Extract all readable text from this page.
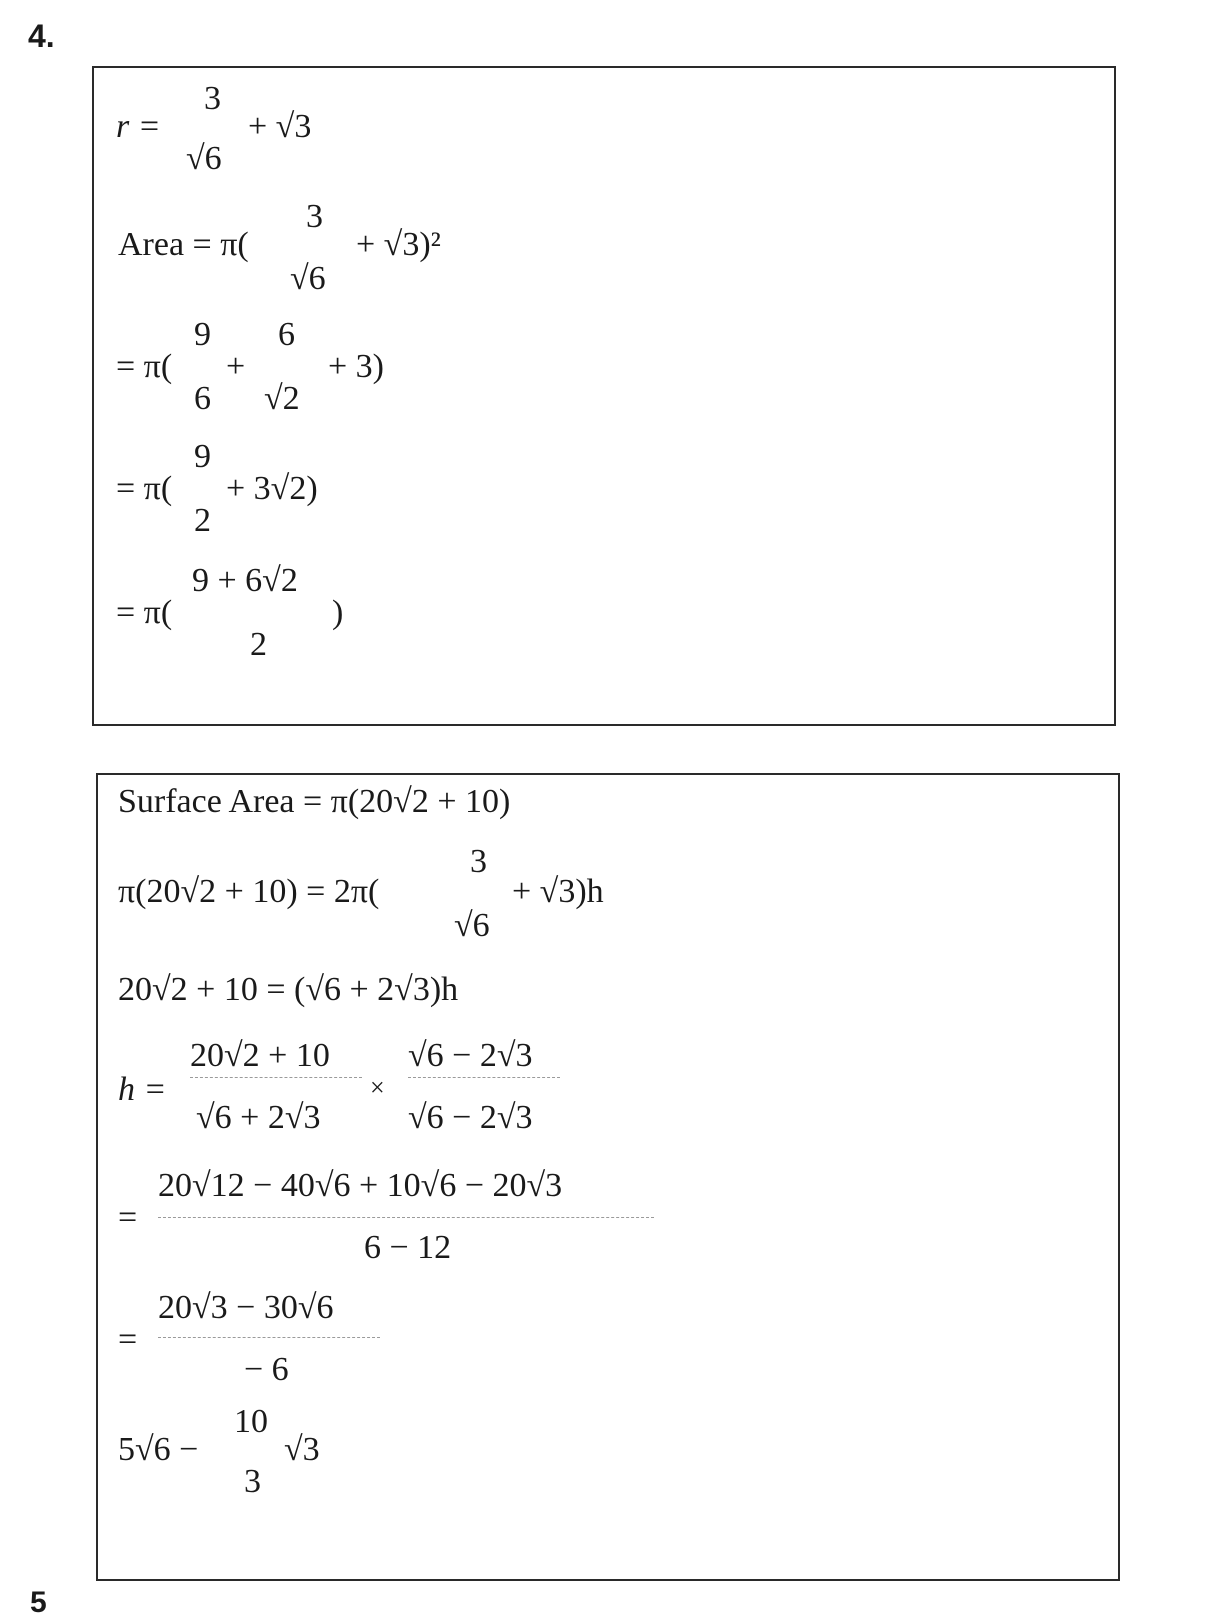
4.
r =
3
√6
+ √3
Area = π(
3
√6
+ √3)²
= π(
9
6
+
6
√2
+ 3)
= π(
9
2
+ 3√2)
= π(
9 + 6√2
2
)
Surface Area = π(20√2 + 10)
π(20√2 + 10) = 2π(
3
√6
+ √3)h
20√2 + 10 = (√6 + 2√3)h
h =
20√2 + 10
√6 + 2√3
×
√6 − 2√3
√6 − 2√3
=
20√12 − 40√6 + 10√6 − 20√3
6 − 12
=
20√3 − 30√6
− 6
5√6 −
10
3
√3
5
